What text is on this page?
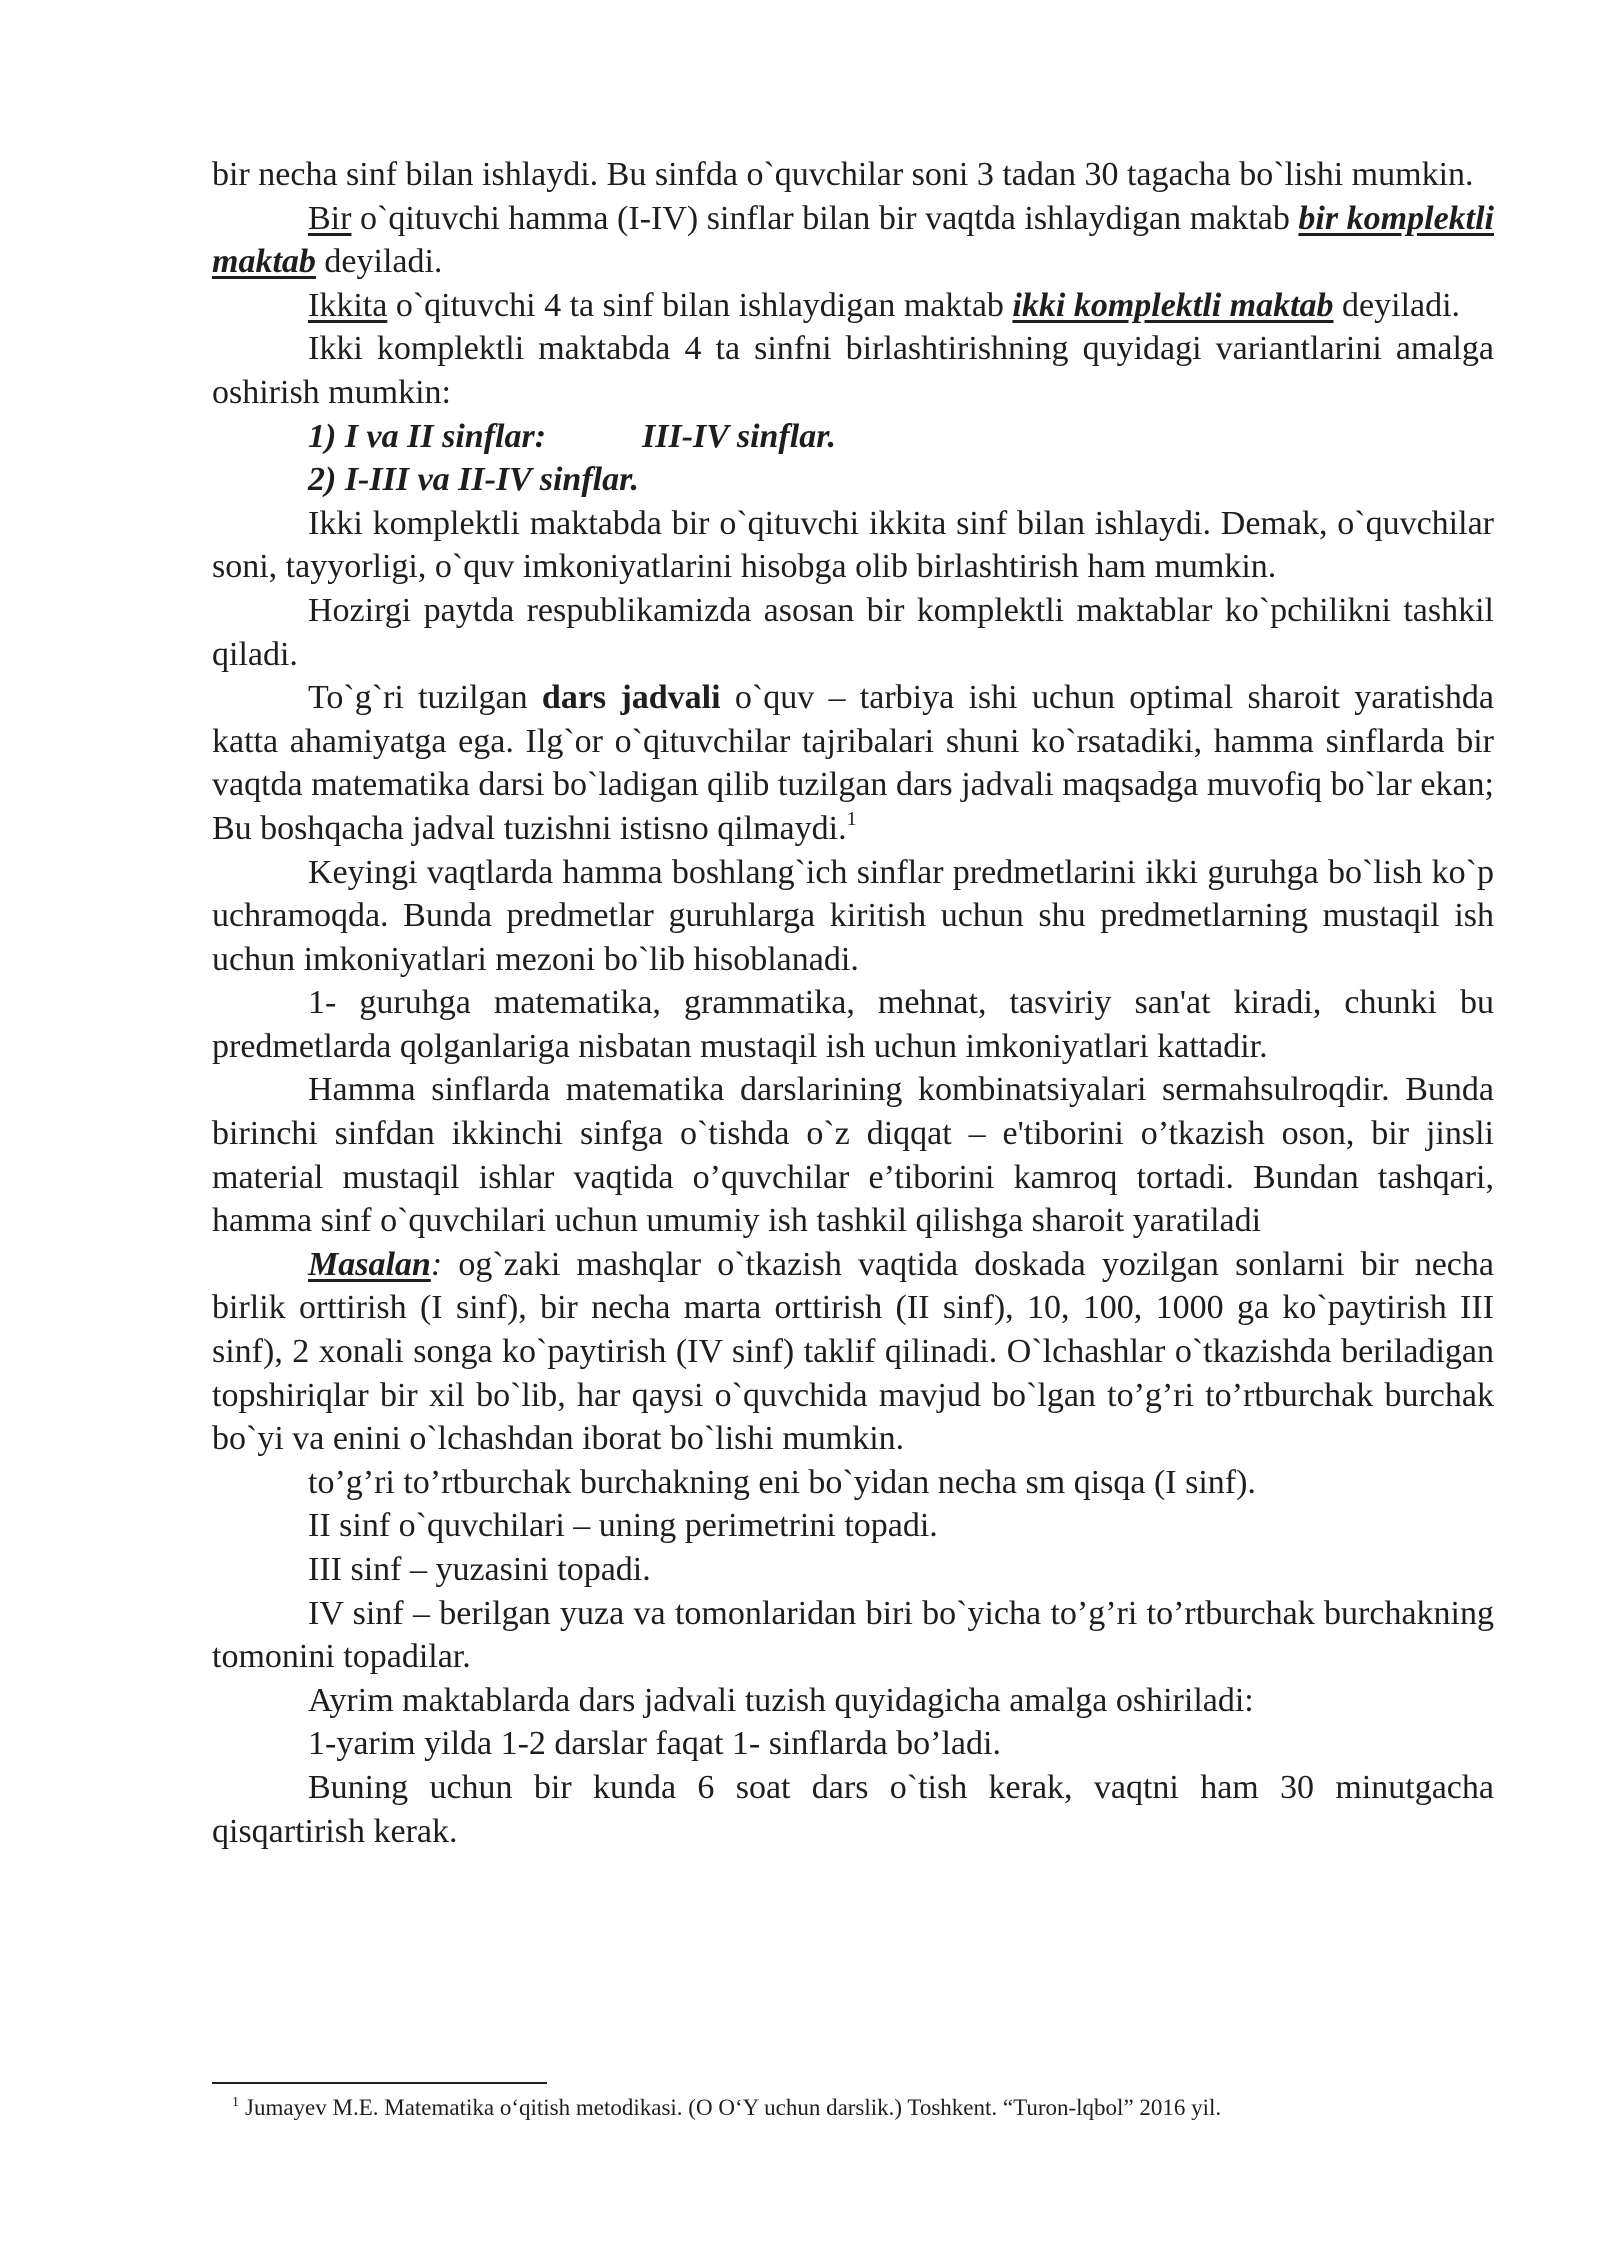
bir necha sinf bilan ishlaydi. Bu sinfda o`quvchilar soni 3 tadan 30 tagacha bo`lishi mumkin.

Bir o`qituvchi hamma (I-IV) sinflar bilan bir vaqtda ishlaydigan maktab bir komplektli maktab deyiladi.

Ikkita o`qituvchi 4 ta sinf bilan ishlaydigan maktab ikki komplektli maktab deyiladi.

Ikki komplektli maktabda 4 ta sinfni birlashtirishning quyidagi variantlarini amalga oshirish mumkin:

1) I va II sinflar:	III-IV sinflar.

2) I-III va II-IV sinflar.

Ikki komplektli maktabda bir o`qituvchi ikkita sinf bilan ishlaydi. Demak, o`quvchilar soni, tayyorligi, o`quv imkoniyatlarini hisobga olib birlashtirish ham mumkin.

Hozirgi paytda respublikamizda asosan bir komplektli maktablar ko`pchilikni tashkil qiladi.

To`g`ri tuzilgan dars jadvali o`quv – tarbiya ishi uchun optimal sharoit yaratishda katta ahamiyatga ega. Ilg`or o`qituvchilar tajribalari shuni ko`rsatadiki, hamma sinflarda bir vaqtda matematika darsi bo`ladigan qilib tuzilgan dars jadvali maqsadga muvofiq bo`lar ekan; Bu boshqacha jadval tuzishni istisno qilmaydi.$^1$

Keyingi vaqtlarda hamma boshlang`ich sinflar predmetlarini ikki guruhga bo`lish ko`p uchramoqda. Bunda predmetlar guruhlarga kiritish uchun shu predmetlarning mustaqil ish uchun imkoniyatlari mezoni bo`lib hisoblanadi.

1- guruhga matematika, grammatika, mehnat, tasviriy san'at kiradi, chunki bu predmetlarda qolganlariga nisbatan mustaqil ish uchun imkoniyatlari kattadir.

Hamma sinflarda matematika darslarining kombinatsiyalari sermahsulroqdir. Bunda birinchi sinfdan ikkinchi sinfga o`tishda o`z diqqat – e'tiborini o’tkazish oson, bir jinsli material mustaqil ishlar vaqtida o’quvchilar e’tiborini kamroq tortadi. Bundan tashqari, hamma sinf o`quvchilari uchun umumiy ish tashkil qilishga sharoit yaratiladi

Masalan: og`zaki mashqlar o`tkazish vaqtida doskada yozilgan sonlarni bir necha birlik orttirish (I sinf), bir necha marta orttirish (II sinf), 10, 100, 1000 ga ko`paytirish III sinf), 2 xonali songa ko`paytirish (IV sinf) taklif qilinadi. O`lchashlar o`tkazishda beriladigan topshiriqlar bir xil bo`lib, har qaysi o`quvchida mavjud bo`lgan to’g’ri to’rtburchak burchak bo`yi va enini o`lchashdan iborat bo`lishi mumkin.

to’g’ri to’rtburchak burchakning eni bo`yidan necha sm qisqa (I sinf).

II sinf o`quvchilari – uning perimetrini topadi.

III sinf – yuzasini topadi.

IV sinf – berilgan yuza va tomonlaridan biri bo`yicha to’g’ri to’rtburchak burchakning tomonini topadilar.

Ayrim maktablarda dars jadvali tuzish quyidagicha amalga oshiriladi:

1-yarim yilda 1-2 darslar faqat 1- sinflarda bo’ladi.

Buning uchun bir kunda 6 soat dars o`tish kerak, vaqtni ham 30 minutgacha qisqartirish kerak.

$^1$ Jumayev M.E. Matematika o‘qitish metodikasi. (O O‘Y uchun darslik.) Toshkent. “Turon-lqbol” 2016 yil.
